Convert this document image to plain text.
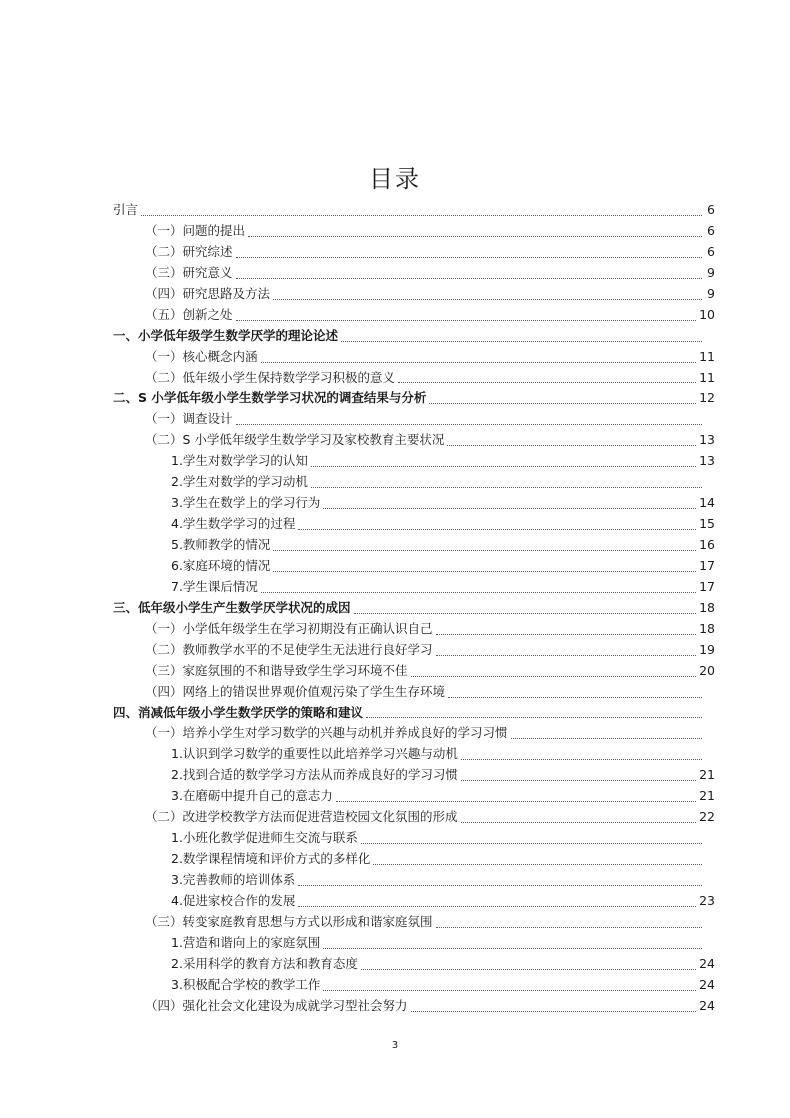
目录
引言	6
（一）问题的提出	6
（二）研究综述	6
（三）研究意义	9
（四）研究思路及方法	9
（五）创新之处	10
一、小学低年级学生数学厌学的理论论述
（一）核心概念内涵	11
（二）低年级小学生保持数学学习积极的意义	11
二、S 小学低年级小学生数学学习状况的调查结果与分析	12
（一）调查设计
（二）S 小学低年级学生数学学习及家校教育主要状况	13
1.学生对数学学习的认知	13
2.学生对数学的学习动机
3.学生在数学上的学习行为	14
4.学生数学学习的过程	15
5.教师教学的情况	16
6.家庭环境的情况	17
7.学生课后情况	17
三、低年级小学生产生数学厌学状况的成因	18
（一）小学低年级学生在学习初期没有正确认识自己	18
（二）教师教学水平的不足使学生无法进行良好学习	19
（三）家庭氛围的不和谐导致学生学习环境不佳	20
（四）网络上的错误世界观价值观污染了学生生存环境
四、消减低年级小学生数学厌学的策略和建议
（一）培养小学生对学习数学的兴趣与动机并养成良好的学习习惯
1.认识到学习数学的重要性以此培养学习兴趣与动机
2.找到合适的数学学习方法从而养成良好的学习习惯	21
3.在磨砺中提升自己的意志力	21
（二）改进学校教学方法而促进营造校园文化氛围的形成	22
1.小班化教学促进师生交流与联系
2.数学课程情境和评价方式的多样化
3.完善教师的培训体系
4.促进家校合作的发展	23
（三）转变家庭教育思想与方式以形成和谐家庭氛围
1.营造和谐向上的家庭氛围
2.采用科学的教育方法和教育态度	24
3.积极配合学校的教学工作	24
（四）强化社会文化建设为成就学习型社会努力	24
3
